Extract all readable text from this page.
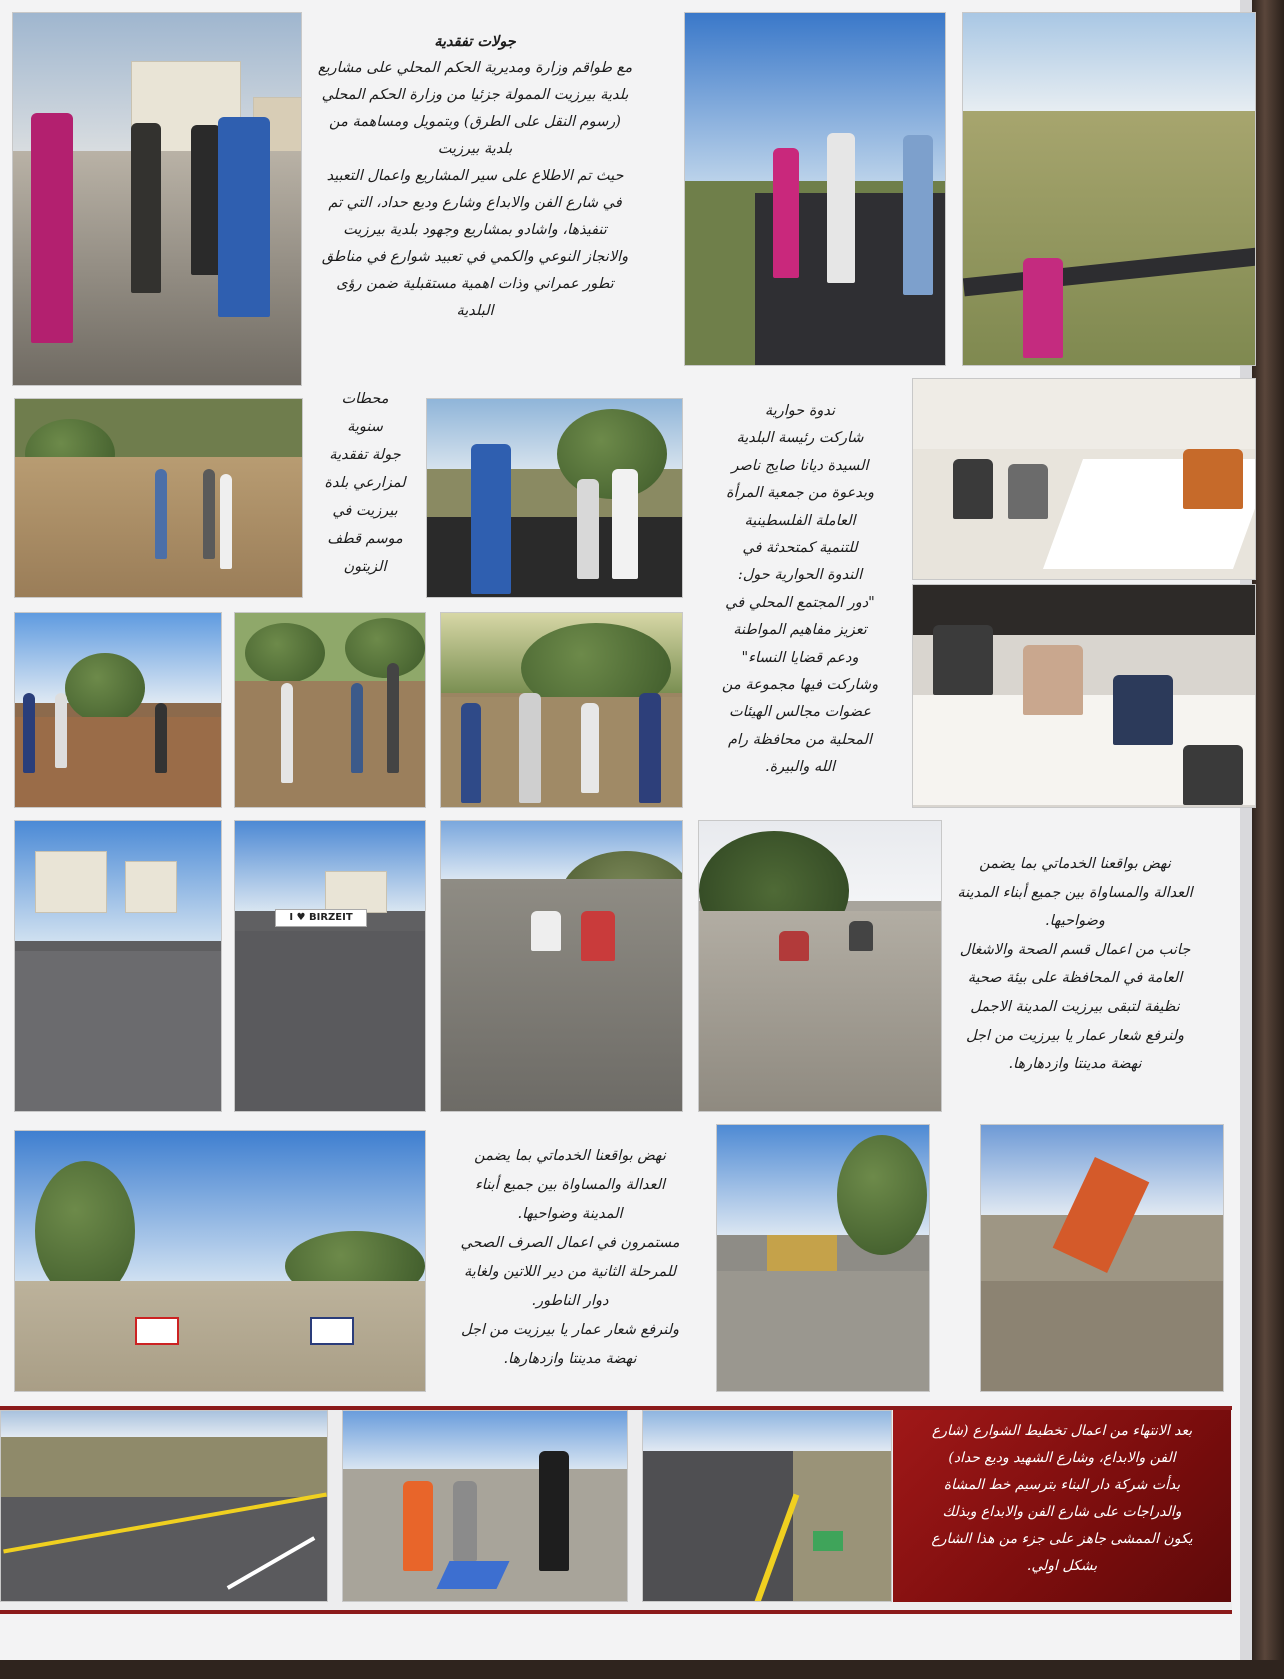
جولات تفقدية
مع طواقم وزارة ومديرية الحكم المحلي على مشاريع
بلدية بيرزيت الممولة جزئيا من وزارة الحكم المحلي
(رسوم النقل على الطرق) وبتمويل ومساهمة من
بلدية بيرزيت
حيث تم الاطلاع على سير المشاريع واعمال التعبيد
في شارع الفن والابداع وشارع وديع حداد، التي تم
تنفيذها، واشادو بمشاريع وجهود بلدية بيرزيت
والانجاز النوعي والكمي في تعبيد شوارع في مناطق
تطور عمراني وذات اهمية مستقبلية ضمن رؤى
البلدية
محطات
سنوية
جولة تفقدية
لمزارعي بلدة
بيرزيت في
موسم قطف
الزيتون
ندوة حوارية
شاركت رئيسة البلدية
السيدة ديانا صايج ناصر
وبدعوة من جمعية المرأة
العاملة الفلسطينية
للتنمية كمتحدثة في
الندوة الحوارية حول:
"دور المجتمع المحلي في
تعزيز مفاهيم المواطنة
ودعم قضايا النساء"
وشاركت فيها مجموعة من
عضوات مجالس الهيئات
المحلية من محافظة رام
الله والبيرة.
I ♥ BIRZEIT
نهض بواقعنا الخدماتي بما يضمن
العدالة والمساواة بين جميع أبناء المدينة
وضواحيها.
جانب من اعمال قسم الصحة والاشغال
العامة في المحافظة على بيئة صحية
نظيفة لتبقى بيرزيت المدينة الاجمل
ولنرفع شعار عمار يا بيرزيت من اجل
نهضة مدينتا وازدهارها.
نهض بواقعنا الخدماتي بما يضمن
العدالة والمساواة بين جميع أبناء
المدينة وضواحيها.
مستمرون في اعمال الصرف الصحي
للمرحلة الثانية من دير اللاتين ولغاية
دوار الناطور.
ولنرفع شعار عمار يا بيرزيت من اجل
نهضة مدينتا وازدهارها.
بعد الانتهاء من اعمال تخطيط الشوارع (شارع
الفن والابداع، وشارع الشهيد وديع حداد)
بدأت شركة دار البناء بترسيم خط المشاة
والدراجات على شارع الفن والابداع وبذلك
يكون الممشى جاهز على جزء من هذا الشارع
بشكل اولي.
